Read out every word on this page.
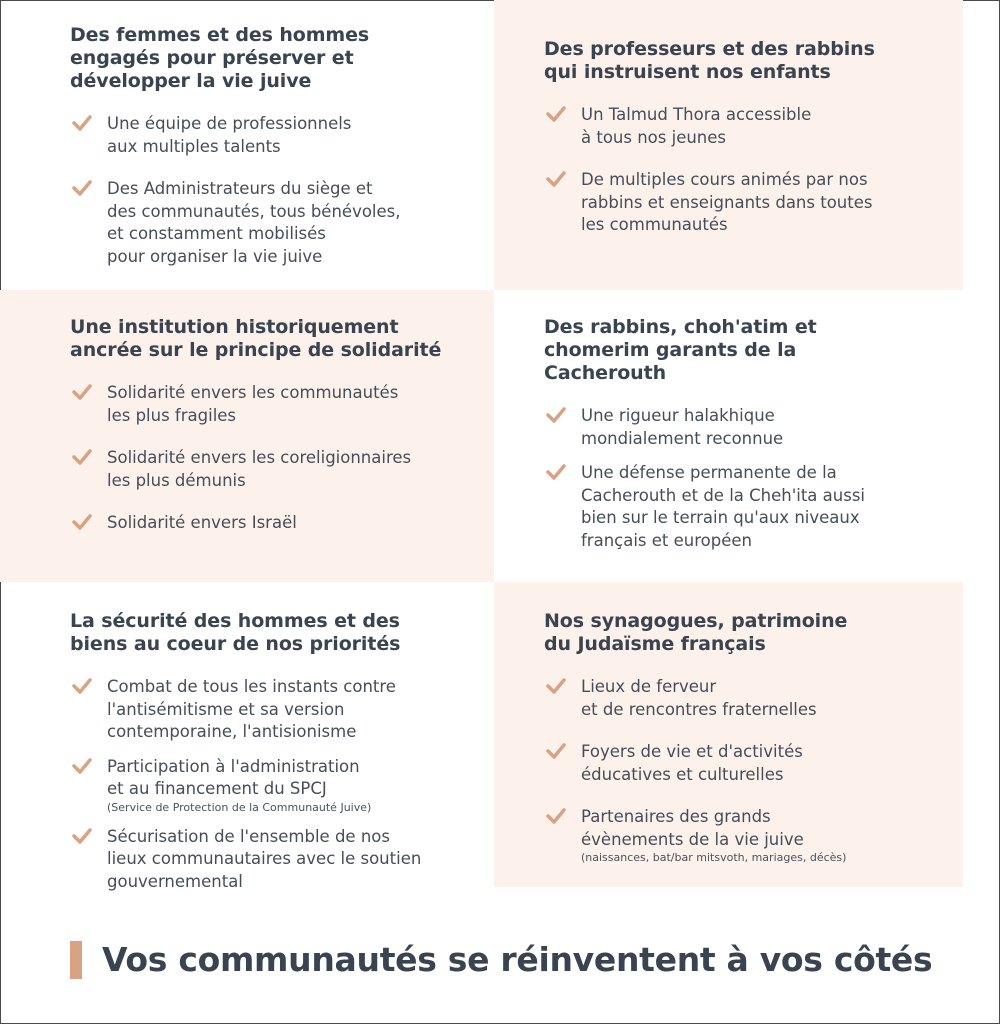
Des femmes et des hommes
engagés pour préserver et
développer la vie juive
Une équipe de professionnels
aux multiples talents
Des Administrateurs du siège et
des communautés, tous bénévoles,
et constamment mobilisés
pour organiser la vie juive
Des professeurs et des rabbins
qui instruisent nos enfants
Un Talmud Thora accessible
à tous nos jeunes
De multiples cours animés par nos
rabbins et enseignants dans toutes
les communautés
Une institution historiquement
ancrée sur le principe de solidarité
Solidarité envers les communautés
les plus fragiles
Solidarité envers les coreligionnaires
les plus démunis
Solidarité envers Israël
Des rabbins, choh'atim et
chomerim garants de la
Cacherouth
Une rigueur halakhique
mondialement reconnue
Une défense permanente de la
Cacherouth et de la Cheh'ita aussi
bien sur le terrain qu'aux niveaux
français et européen
La sécurité des hommes et des
biens au coeur de nos priorités
Combat de tous les instants contre
l'antisémitisme et sa version
contemporaine, l'antisionisme
Participation à l'administration
et au financement du SPCJ
(Service de Protection de la Communauté Juive)
Sécurisation de l'ensemble de nos
lieux communautaires avec le soutien
gouvernemental
Nos synagogues, patrimoine
du Judaïsme français
Lieux de ferveur
et de rencontres fraternelles
Foyers de vie et d'activités
éducatives et culturelles
Partenaires des grands
évènements de la vie juive
(naissances, bat/bar mitsvoth, mariages, décès)
Vos communautés se réinventent à vos côtés
